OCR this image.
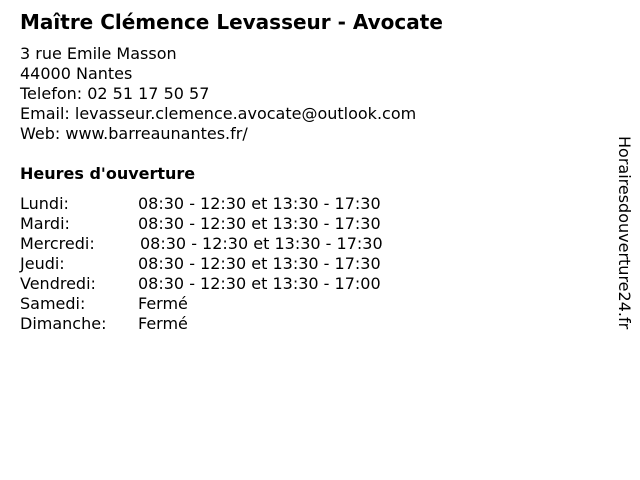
Maître Clémence Levasseur - Avocate
3 rue Emile Masson
44000 Nantes
Telefon: 02 51 17 50 57
Email: levasseur.clemence.avocate@outlook.com
Web: www.barreaunantes.fr/
Heures d'ouverture
Lundi:	08:30 - 12:30 et 13:30 - 17:30
Mardi:	08:30 - 12:30 et 13:30 - 17:30
Mercredi:	08:30 - 12:30 et 13:30 - 17:30
Jeudi:	08:30 - 12:30 et 13:30 - 17:30
Vendredi:	08:30 - 12:30 et 13:30 - 17:00
Samedi:	Fermé
Dimanche: Fermé	Horairesdouverture24.fr
